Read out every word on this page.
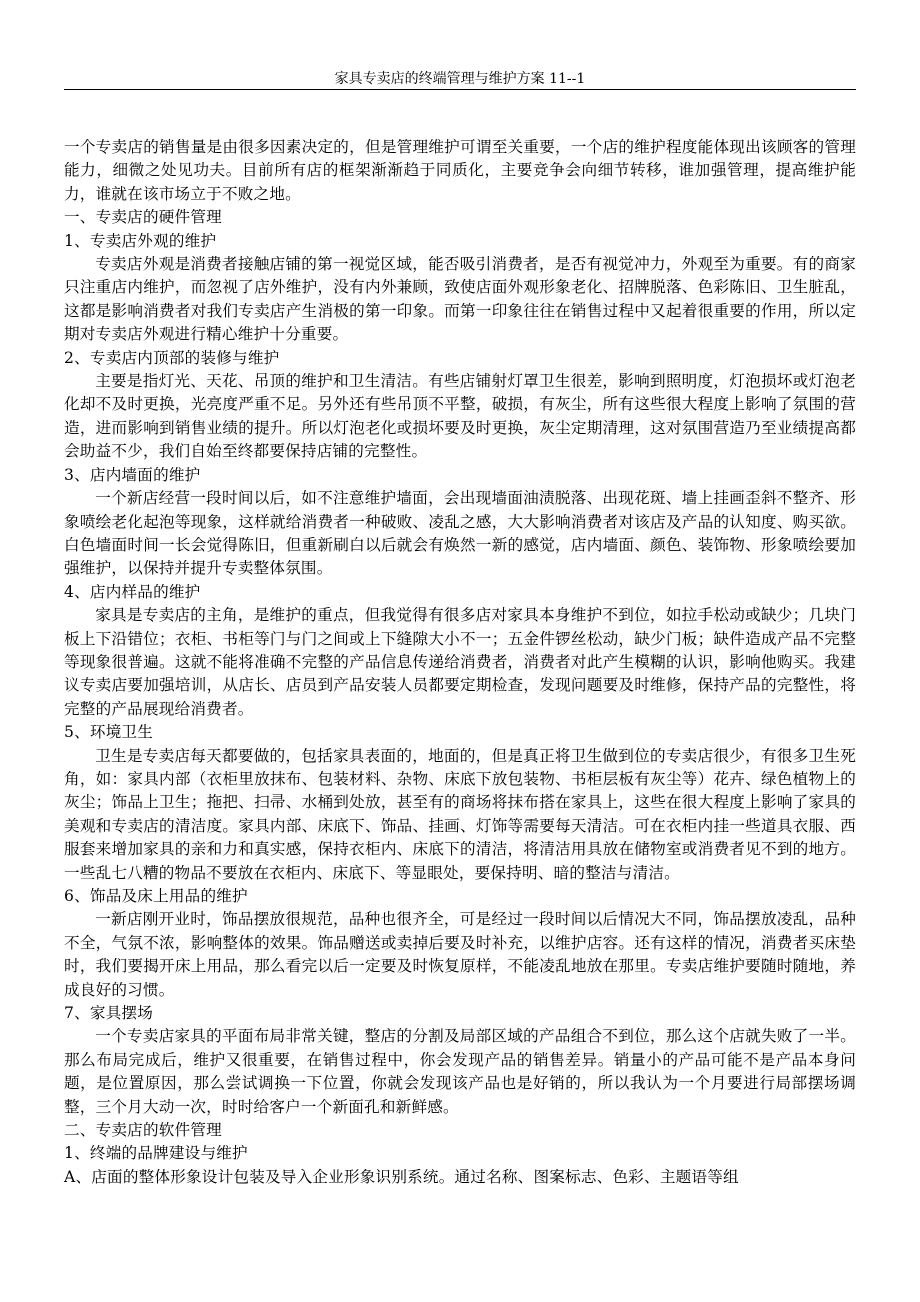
家具专卖店的终端管理与维护方案 11--1

一个专卖店的销售量是由很多因素决定的，但是管理维护可谓至关重要，一个店的维护程度能体现出该顾客的管理能力，细微之处见功夫。目前所有店的框架渐渐趋于同质化，主要竞争会向细节转移，谁加强管理，提高维护能力，谁就在该市场立于不败之地。

一、专卖店的硬件管理

1、专卖店外观的维护

专卖店外观是消费者接触店铺的第一视觉区域，能否吸引消费者，是否有视觉冲力，外观至为重要。有的商家只注重店内维护，而忽视了店外维护，没有内外兼顾，致使店面外观形象老化、招牌脱落、色彩陈旧、卫生脏乱，这都是影响消费者对我们专卖店产生消极的第一印象。而第一印象往往在销售过程中又起着很重要的作用，所以定期对专卖店外观进行精心维护十分重要。

2、专卖店内顶部的装修与维护

主要是指灯光、天花、吊顶的维护和卫生清洁。有些店铺射灯罩卫生很差，影响到照明度，灯泡损坏或灯泡老化却不及时更换，光亮度严重不足。另外还有些吊顶不平整，破损，有灰尘，所有这些很大程度上影响了氛围的营造，进而影响到销售业绩的提升。所以灯泡老化或损坏要及时更换，灰尘定期清理，这对氛围营造乃至业绩提高都会助益不少，我们自始至终都要保持店铺的完整性。

3、店内墙面的维护

一个新店经营一段时间以后，如不注意维护墙面，会出现墙面油渍脱落、出现花斑、墙上挂画歪斜不整齐、形象喷绘老化起泡等现象，这样就给消费者一种破败、凌乱之感，大大影响消费者对该店及产品的认知度、购买欲。白色墙面时间一长会觉得陈旧，但重新刷白以后就会有焕然一新的感觉，店内墙面、颜色、装饰物、形象喷绘要加强维护，以保持并提升专卖整体氛围。

4、店内样品的维护

家具是专卖店的主角，是维护的重点，但我觉得有很多店对家具本身维护不到位，如拉手松动或缺少；几块门板上下沿错位；衣柜、书柜等门与门之间或上下缝隙大小不一；五金件锣丝松动，缺少门板；缺件造成产品不完整等现象很普遍。这就不能将准确不完整的产品信息传递给消费者，消费者对此产生模糊的认识，影响他购买。我建议专卖店要加强培训，从店长、店员到产品安装人员都要定期检查，发现问题要及时维修，保持产品的完整性，将完整的产品展现给消费者。

5、环境卫生

卫生是专卖店每天都要做的，包括家具表面的，地面的，但是真正将卫生做到位的专卖店很少，有很多卫生死角，如：家具内部（衣柜里放抹布、包装材料、杂物、床底下放包装物、书柜层板有灰尘等）花卉、绿色植物上的灰尘；饰品上卫生；拖把、扫帚、水桶到处放，甚至有的商场将抹布搭在家具上，这些在很大程度上影响了家具的美观和专卖店的清洁度。家具内部、床底下、饰品、挂画、灯饰等需要每天清洁。可在衣柜内挂一些道具衣服、西服套来增加家具的亲和力和真实感，保持衣柜内、床底下的清洁，将清洁用具放在储物室或消费者见不到的地方。一些乱七八糟的物品不要放在衣柜内、床底下、等显眼处，要保持明、暗的整洁与清洁。

6、饰品及床上用品的维护

一新店刚开业时，饰品摆放很规范，品种也很齐全，可是经过一段时间以后情况大不同，饰品摆放凌乱，品种不全，气氛不浓，影响整体的效果。饰品赠送或卖掉后要及时补充，以维护店容。还有这样的情况，消费者买床垫时，我们要揭开床上用品，那么看完以后一定要及时恢复原样，不能凌乱地放在那里。专卖店维护要随时随地，养成良好的习惯。

7、家具摆场

一个专卖店家具的平面布局非常关键，整店的分割及局部区域的产品组合不到位，那么这个店就失败了一半。那么布局完成后，维护又很重要，在销售过程中，你会发现产品的销售差异。销量小的产品可能不是产品本身问题，是位置原因，那么尝试调换一下位置，你就会发现该产品也是好销的，所以我认为一个月要进行局部摆场调整，三个月大动一次，时时给客户一个新面孔和新鲜感。

二、专卖店的软件管理

1、终端的品牌建设与维护

A、店面的整体形象设计包装及导入企业形象识别系统。通过名称、图案标志、色彩、主题语等组
